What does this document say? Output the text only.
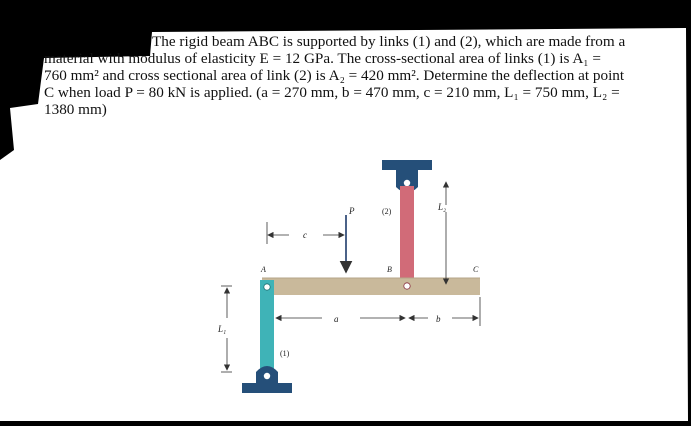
The rigid beam ABC is supported by links (1) and (2), which are made from a
material with modulus of elasticity E = 12 GPa. The cross-sectional area of links (1) is A₁ =
760 mm² and cross sectional area of link (2) is A₂ = 420 mm². Determine the deflection at point
C when load P = 80 kN is applied. (a = 270 mm, b = 470 mm, c = 210 mm, L₁ = 750 mm, L₂ =
1380 mm)
P
c
A	B	C
(2)
(1)
L₂
L₁
a	b
